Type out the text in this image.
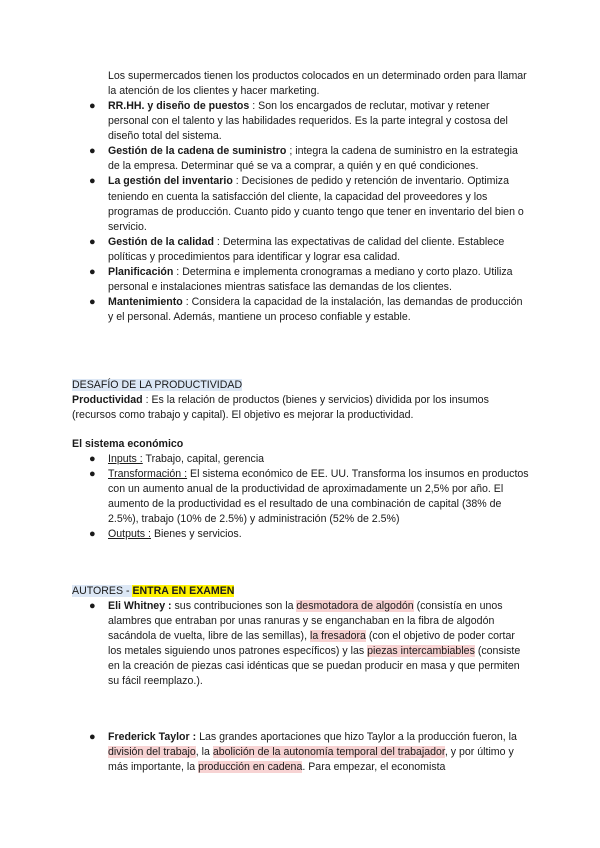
Los supermercados tienen los productos colocados en un determinado orden para llamar la atención de los clientes y hacer marketing.
● RR.HH. y diseño de puestos : Son los encargados de reclutar, motivar y retener personal con el talento y las habilidades requeridos. Es la parte integral y costosa del diseño total del sistema.
● Gestión de la cadena de suministro ; integra la cadena de suministro en la estrategia de la empresa. Determinar qué se va a comprar, a quién y en qué condiciones.
● La gestión del inventario : Decisiones de pedido y retención de inventario. Optimiza teniendo en cuenta la satisfacción del cliente, la capacidad del proveedores y los programas de producción. Cuanto pido y cuanto tengo que tener en inventario del bien o servicio.
● Gestión de la calidad : Determina las expectativas de calidad del cliente. Establece políticas y procedimientos para identificar y lograr esa calidad.
● Planificación : Determina e implementa cronogramas a mediano y corto plazo. Utiliza personal e instalaciones mientras satisface las demandas de los clientes.
● Mantenimiento : Considera la capacidad de la instalación, las demandas de producción y el personal. Además, mantiene un proceso confiable y estable.
DESAFÍO DE LA PRODUCTIVIDAD
Productividad : Es la relación de productos (bienes y servicios) dividida por los insumos (recursos como trabajo y capital). El objetivo es mejorar la productividad.
El sistema económico
● Inputs : Trabajo, capital, gerencia
● Transformación : El sistema económico de EE. UU. Transforma los insumos en productos con un aumento anual de la productividad de aproximadamente un 2,5% por año. El aumento de la productividad es el resultado de una combinación de capital (38% de 2.5%), trabajo (10% de 2.5%) y administración (52% de 2.5%)
● Outputs : Bienes y servicios.
AUTORES - ENTRA EN EXAMEN
● Eli Whitney : sus contribuciones son la desmotadora de algodón (consistía en unos alambres que entraban por unas ranuras y se enganchaban en la fibra de algodón sacándola de vuelta, libre de las semillas), la fresadora (con el objetivo de poder cortar los metales siguiendo unos patrones específicos) y las piezas intercambiables (consiste en la creación de piezas casi idénticas que se puedan producir en masa y que permiten su fácil reemplazo.).
● Frederick Taylor : Las grandes aportaciones que hizo Taylor a la producción fueron, la división del trabajo, la abolición de la autonomía temporal del trabajador, y por último y más importante, la producción en cadena. Para empezar, el economista
